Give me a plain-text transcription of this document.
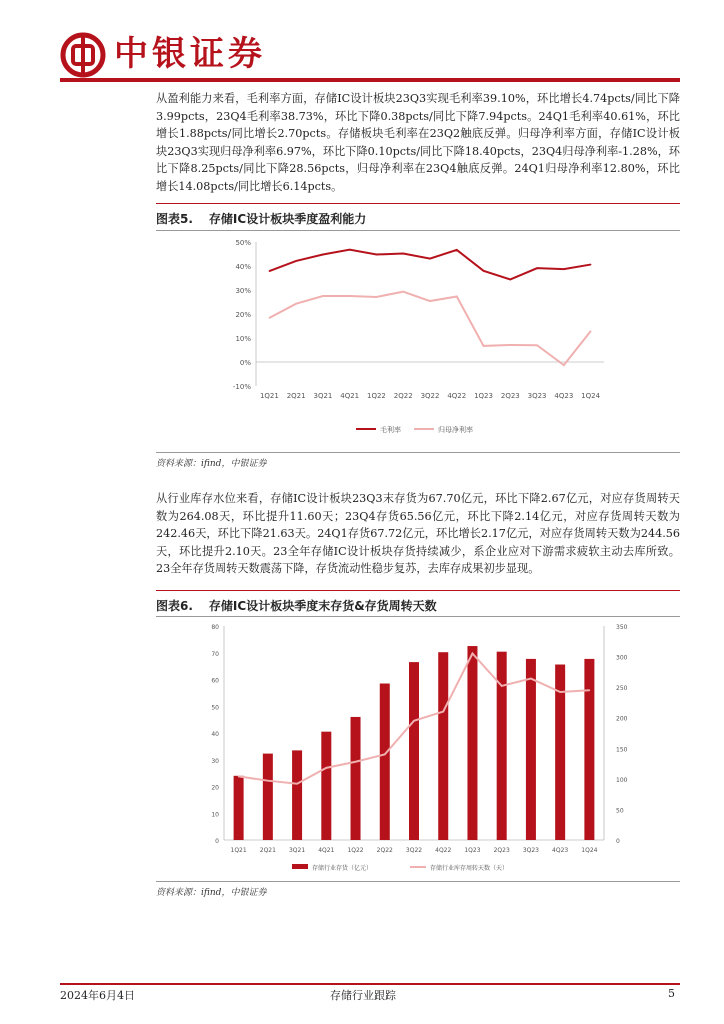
中银证券
从盈利能力来看，毛利率方面，存储IC设计板块23Q3实现毛利率39.10%，环比增长4.74pcts/同比下降3.99pcts，23Q4毛利率38.73%，环比下降0.38pcts/同比下降7.94pcts。24Q1毛利率40.61%，环比增长1.88pcts/同比增长2.70pcts。存储板块毛利率在23Q2触底反弹。归母净利率方面，存储IC设计板块23Q3实现归母净利率6.97%，环比下降0.10pcts/同比下降18.40pcts，23Q4归母净利率-1.28%，环比下降8.25pcts/同比下降28.56pcts，归母净利率在23Q4触底反弹。24Q1归母净利率12.80%，环比增长14.08pcts/同比增长6.14pcts。
图表5. 存储IC设计板块季度盈利能力
50%
40%
30%
20%
10%
0%
-10%
1Q21 2Q21 3Q21 4Q21 1Q22 2Q22 3Q22 4Q22 1Q23 2Q23 3Q23 4Q23 1Q24
毛利率	归母净利率
资料来源：ifind，中银证券
从行业库存水位来看，存储IC设计板块23Q3末存货为67.70亿元，环比下降2.67亿元，对应存货周转天数为264.08天，环比提升11.60天；23Q4存货65.56亿元，环比下降2.14亿元，对应存货周转天数为242.46天，环比下降21.63天。24Q1存货67.72亿元，环比增长2.17亿元，对应存货周转天数为244.56天，环比提升2.10天。23全年存储IC设计板块存货持续减少，系企业应对下游需求疲软主动去库所致。23全年存货周转天数震荡下降，存货流动性稳步复苏，去库存成果初步显现。
图表6. 存储IC设计板块季度末存货&存货周转天数
80
70
60
50
40
30
20
10
0
350
300
250
200
150
100
50
0
1Q21 2Q21 3Q21 4Q21 1Q22 2Q22 3Q22 4Q22 1Q23 2Q23 3Q23 4Q23 1Q24
存储行业存货（亿元）	存储行业库存周转天数（天）
资料来源：ifind，中银证券
2024年6月4日	存储行业跟踪	5
